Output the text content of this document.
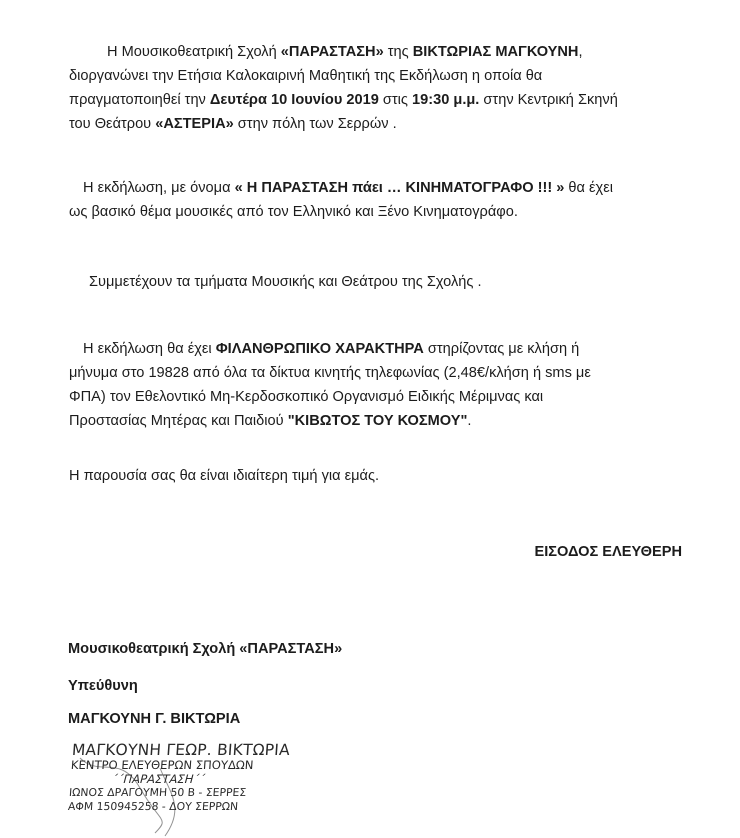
Η Μουσικοθεατρική Σχολή «ΠΑΡΑΣΤΑΣΗ» της ΒΙΚΤΩΡΙΑΣ ΜΑΓΚΟΥΝΗ,
διοργανώνει την Ετήσια Καλοκαιρινή Μαθητική της Εκδήλωση η οποία θα
πραγματοποιηθεί την Δευτέρα 10 Ιουνίου 2019 στις 19:30 μ.μ. στην Κεντρική Σκηνή
του Θεάτρου «ΑΣΤΕΡΙΑ» στην πόλη των Σερρών .
Η εκδήλωση, με όνομα « Η ΠΑΡΑΣΤΑΣΗ πάει … ΚΙΝΗΜΑΤΟΓΡΑΦΟ !!! » θα έχει
ως βασικό θέμα μουσικές από τον Ελληνικό και Ξένο Κινηματογράφο.
Συμμετέχουν τα τμήματα Μουσικής και Θεάτρου της Σχολής .
Η εκδήλωση θα έχει ΦΙΛΑΝΘΡΩΠΙΚΟ ΧΑΡΑΚΤΗΡΑ στηρίζοντας με κλήση ή
μήνυμα στο 19828 από όλα τα δίκτυα κινητής τηλεφωνίας (2,48€/κλήση ή sms με
ΦΠΑ) τον Εθελοντικό Μη-Κερδοσκοπικό Οργανισμό Ειδικής Μέριμνας και
Προστασίας Μητέρας και Παιδιού "ΚΙΒΩΤΟΣ ΤΟΥ ΚΟΣΜΟΥ".
Η παρουσία σας θα είναι ιδιαίτερη τιμή για εμάς.
ΕΙΣΟΔΟΣ ΕΛΕΥΘΕΡΗ
Μουσικοθεατρική Σχολή «ΠΑΡΑΣΤΑΣΗ»
Υπεύθυνη
ΜΑΓΚΟΥΝΗ Γ. ΒΙΚΤΩΡΙΑ
ΜΑΓΚΟΥΝΗ ΓΕΩΡ. ΒΙΚΤΩΡΙΑ
ΚΕΝΤΡΟ ΕΛΕΥΘΕΡΩΝ ΣΠΟΥΔΩΝ
΄΄ΠΑΡΑΣΤΑΣΗ΄΄
ΙΩΝΟΣ ΔΡΑΓΟΥΜΗ 50 Β - ΣΕΡΡΕΣ
ΑΦΜ 150945258 - ΔΟΥ ΣΕΡΡΩΝ
